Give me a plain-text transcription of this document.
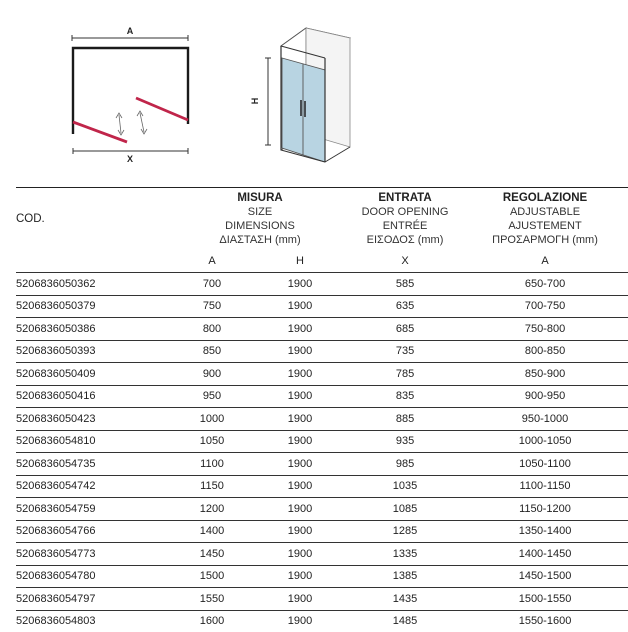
A
X
H
COD.	MISURA
SIZE
DIMENSIONS
ΔΙΑΣΤΑΣΗ (mm)		ENTRATA
DOOR OPENING
ENTRÉE
ΕΙΣΟΔΟΣ (mm)	REGOLAZIONE
ADJUSTABLE
AJUSTEMENT
ΠΡΟΣΑΡΜΟΓΗ (mm)

	A	H	X	A
5206836050362	700	1900	585	650-700
5206836050379	750	1900	635	700-750
5206836050386	800	1900	685	750-800
5206836050393	850	1900	735	800-850
5206836050409	900	1900	785	850-900
5206836050416	950	1900	835	900-950
5206836050423	1000	1900	885	950-1000
5206836054810	1050	1900	935	1000-1050
5206836054735	1100	1900	985	1050-1100
5206836054742	1150	1900	1035	1100-1150
5206836054759	1200	1900	1085	1150-1200
5206836054766	1400	1900	1285	1350-1400
5206836054773	1450	1900	1335	1400-1450
5206836054780	1500	1900	1385	1450-1500
5206836054797	1550	1900	1435	1500-1550
5206836054803	1600	1900	1485	1550-1600
